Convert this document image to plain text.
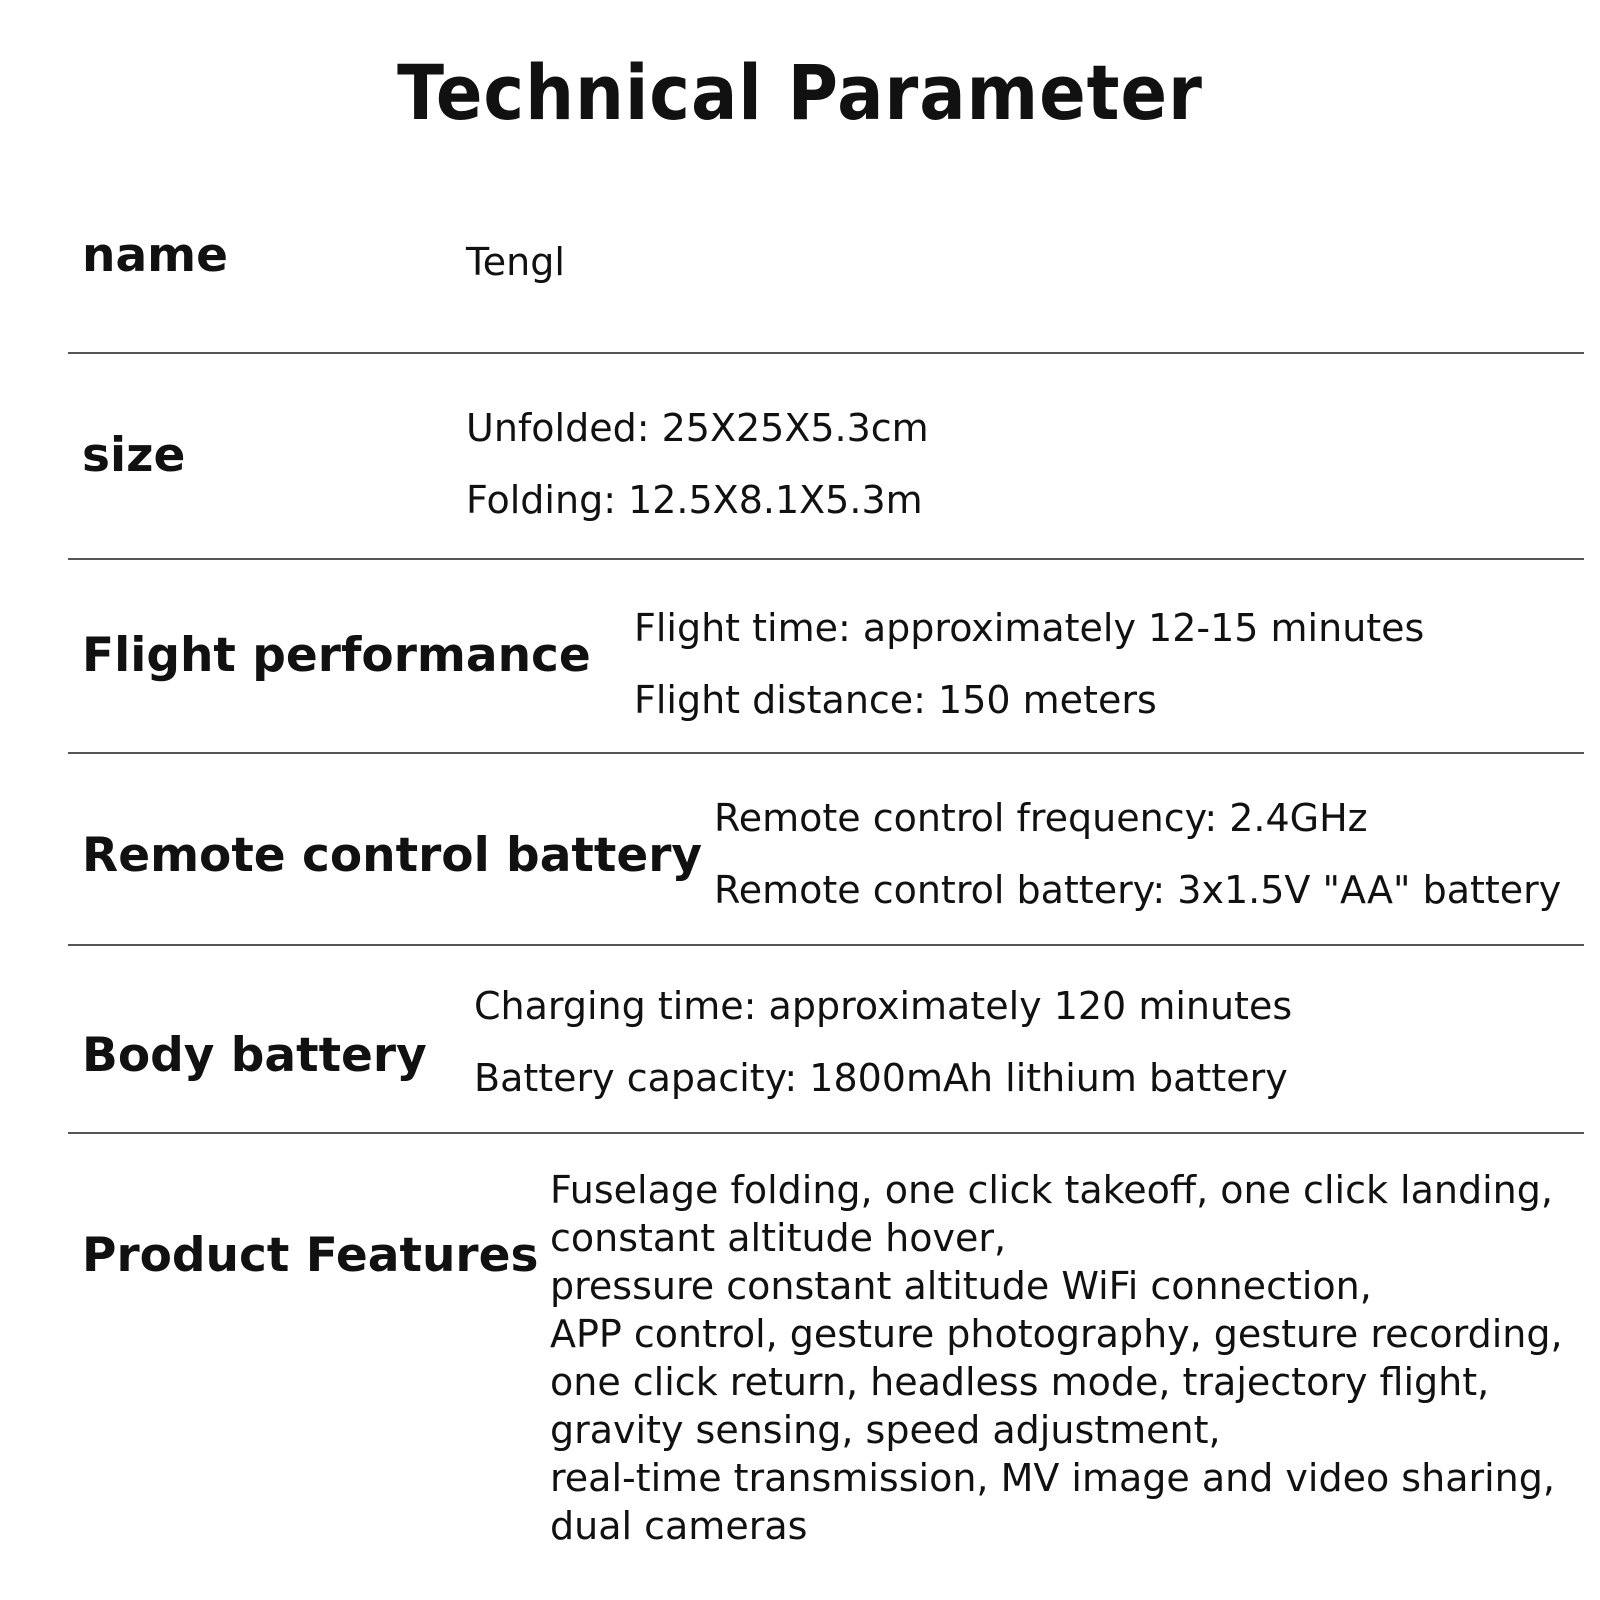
Technical Parameter
name	Tengl
size	Unfolded: 25X25X5.3cm
Folding: 12.5X8.1X5.3m
Flight performance Flight time: approximately 12-15 minutes
Flight distance: 150 meters
Remote control battery
Remote control frequency: 2.4GHz
Remote control battery: 3x1.5V "AA" battery
Body battery
Charging time: approximately 120 minutes
Battery capacity: 1800mAh lithium battery
Product Features
Fuselage folding, one click takeoff, one click landing,
constant altitude hover,
pressure constant altitude WiFi connection,
APP control, gesture photography, gesture recording,
one click return, headless mode, trajectory flight,
gravity sensing, speed adjustment,
real-time transmission, MV image and video sharing,
dual cameras
